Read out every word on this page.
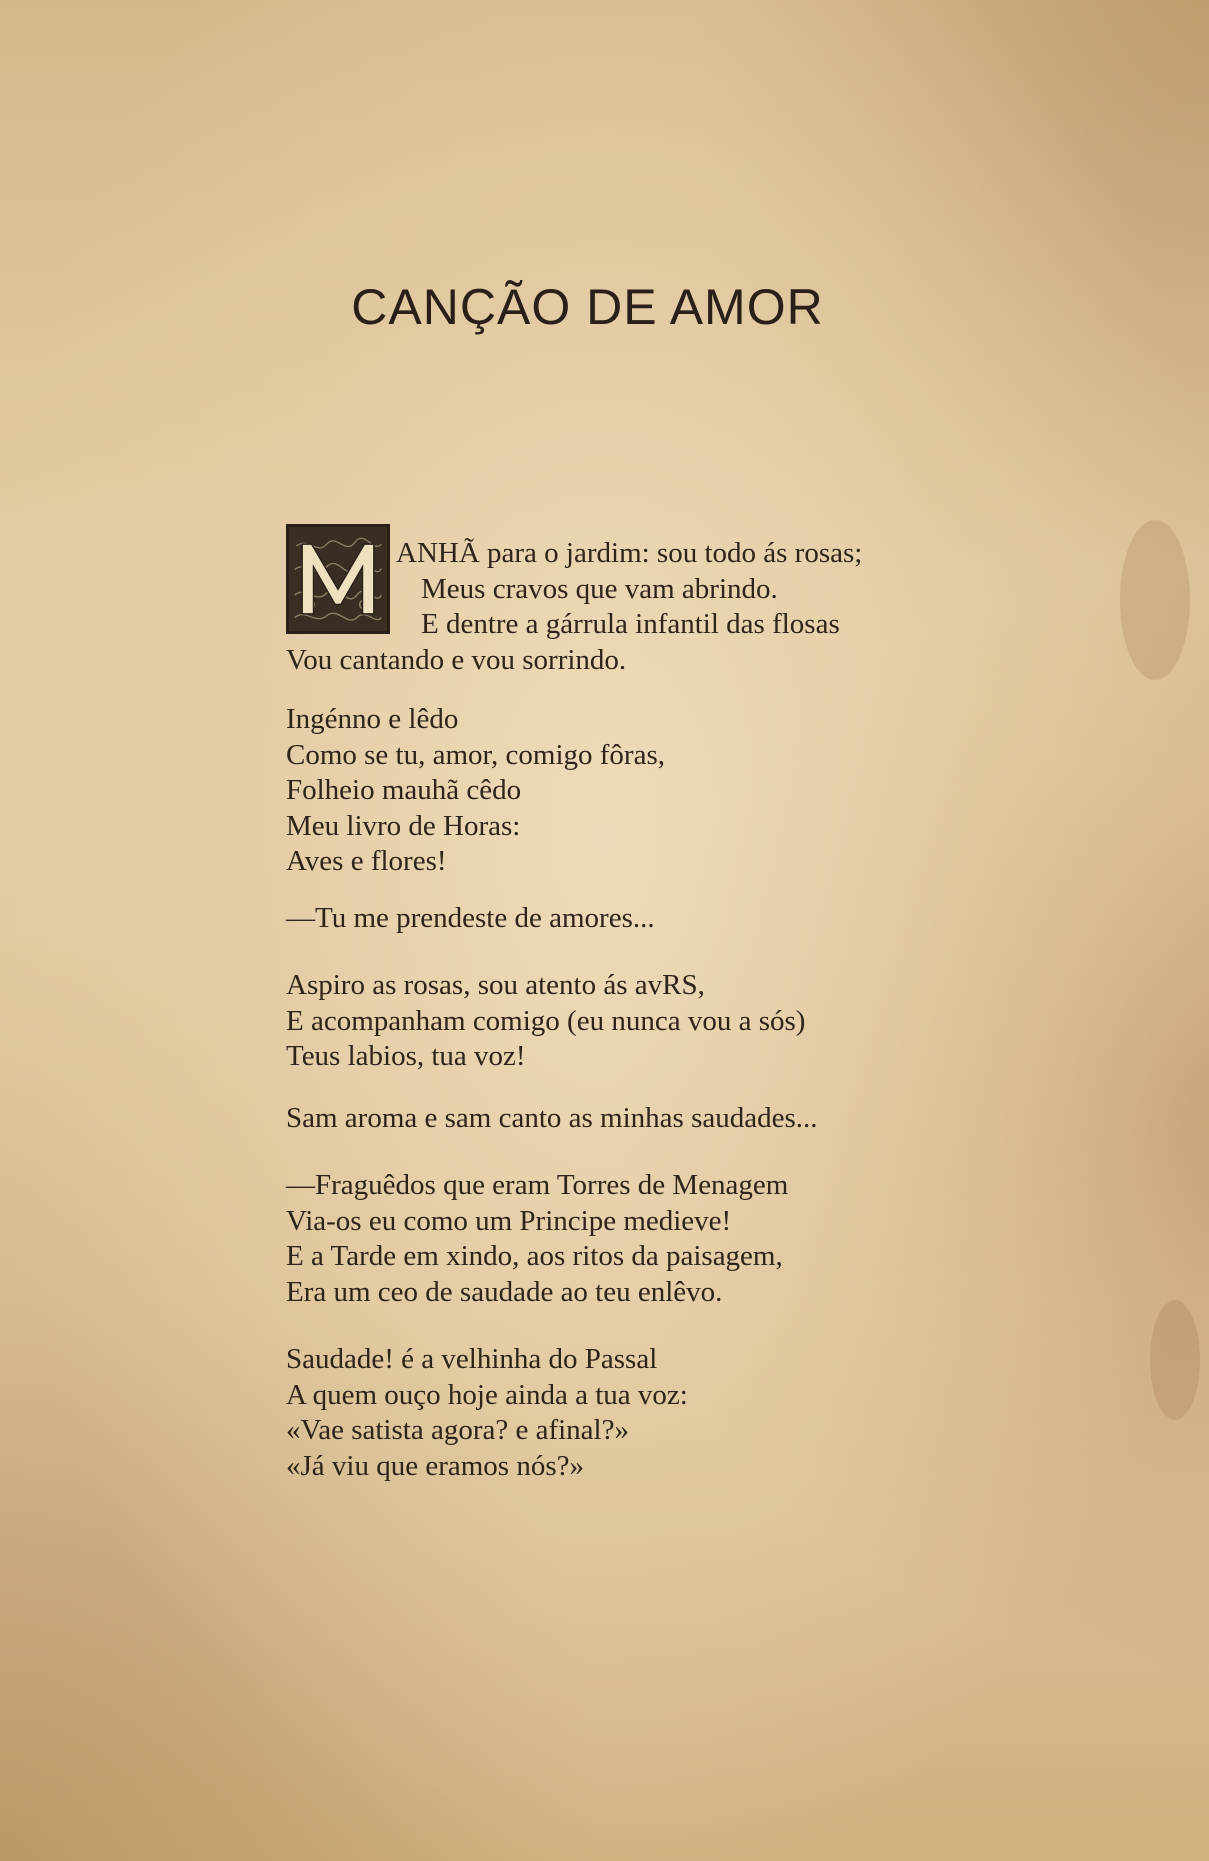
CANÇÃO DE AMOR
ANHÃ para o jardim: sou todo ás rosas;
Meus cravos que vam abrindo.
E dentre a gárrula infantil das flosas
Vou cantando e vou sorrindo.
Ingénno e lêdo
Como se tu, amor, comigo fôras,
Folheio mauhã cêdo
Meu livro de Horas:
Aves e flores!
—Tu me prendeste de amores...
Aspiro as rosas, sou atento ás avRS,
E acompanham comigo (eu nunca vou a sós)
Teus labios, tua voz!
Sam aroma e sam canto as minhas saudades...
—Fraguêdos que eram Torres de Menagem
Via-os eu como um Principe medieve!
E a Tarde em xindo, aos ritos da paisagem,
Era um ceo de saudade ao teu enlêvo.
Saudade! é a velhinha do Passal
A quem ouço hoje ainda a tua voz:
«Vae satista agora? e afinal?»
«Já viu que eramos nós?»
